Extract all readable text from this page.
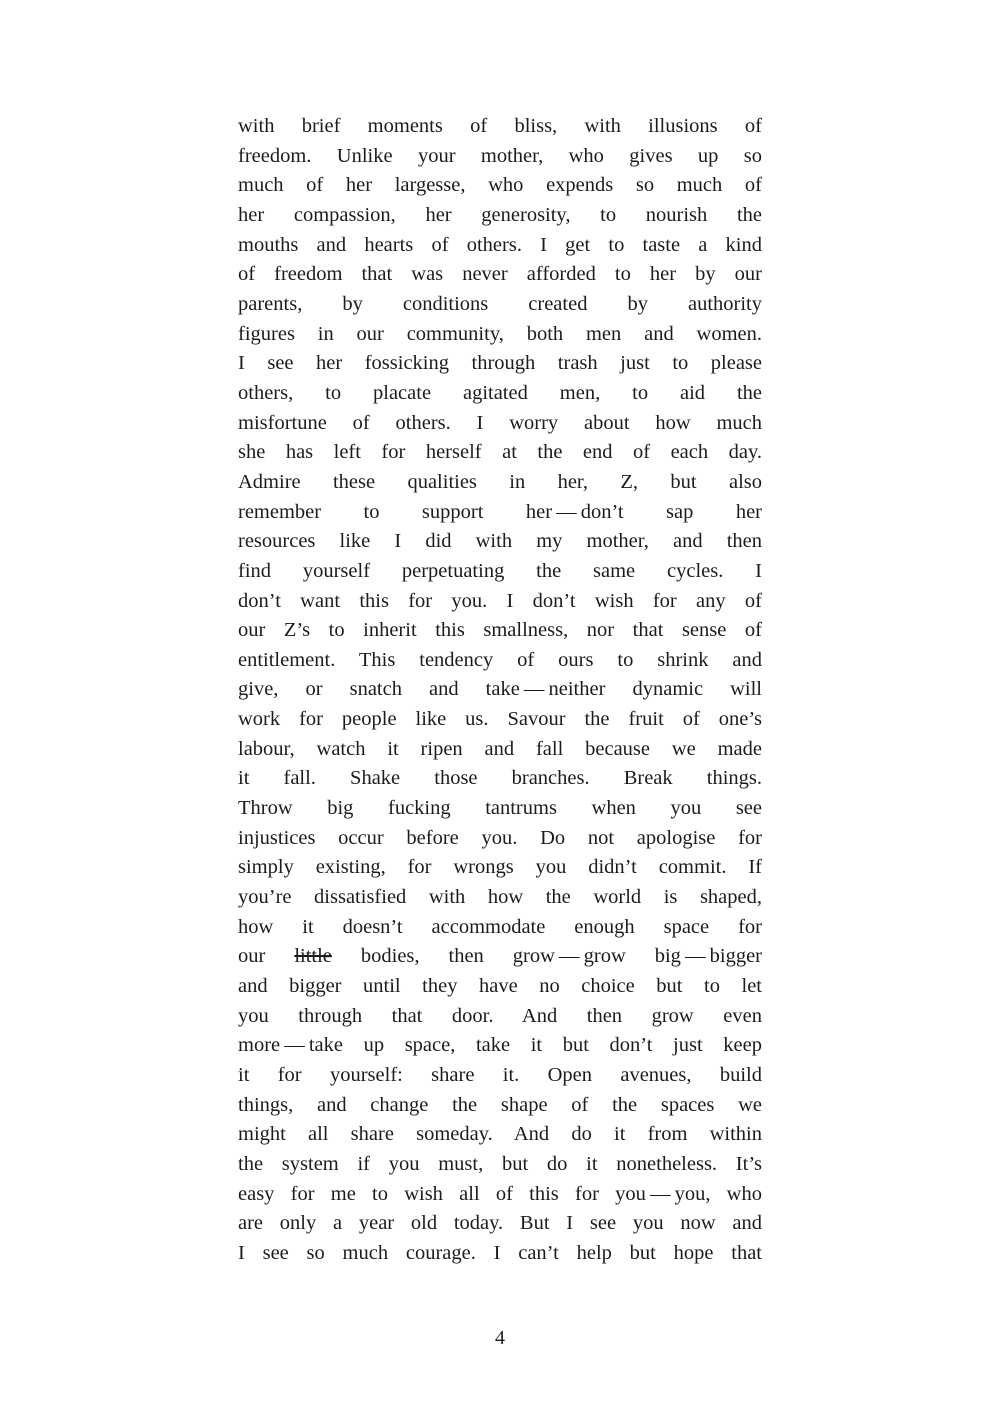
with brief moments of bliss, with illusions of
freedom. Unlike your mother, who gives up so
much of her largesse, who expends so much of
her compassion, her generosity, to nourish the
mouths and hearts of others. I get to taste a kind
of freedom that was never afforded to her by our
parents, by conditions created by authority
figures in our community, both men and women.
I see her fossicking through trash just to please
others, to placate agitated men, to aid the
misfortune of others. I worry about how much
she has left for herself at the end of each day.
Admire these qualities in her, Z, but also
remember to support her — don’t sap her
resources like I did with my mother, and then
find yourself perpetuating the same cycles. I
don’t want this for you. I don’t wish for any of
our Z’s to inherit this smallness, nor that sense of
entitlement. This tendency of ours to shrink and
give, or snatch and take — neither dynamic will
work for people like us. Savour the fruit of one’s
labour, watch it ripen and fall because we made
it fall. Shake those branches. Break things.
Throw big fucking tantrums when you see
injustices occur before you. Do not apologise for
simply existing, for wrongs you didn’t commit. If
you’re dissatisfied with how the world is shaped,
how it doesn’t accommodate enough space for
our little bodies, then grow — grow big — bigger
and bigger until they have no choice but to let
you through that door. And then grow even
more — take up space, take it but don’t just keep
it for yourself: share it. Open avenues, build
things, and change the shape of the spaces we
might all share someday. And do it from within
the system if you must, but do it nonetheless. It’s
easy for me to wish all of this for you — you, who
are only a year old today. But I see you now and
I see so much courage. I can’t help but hope that
4
